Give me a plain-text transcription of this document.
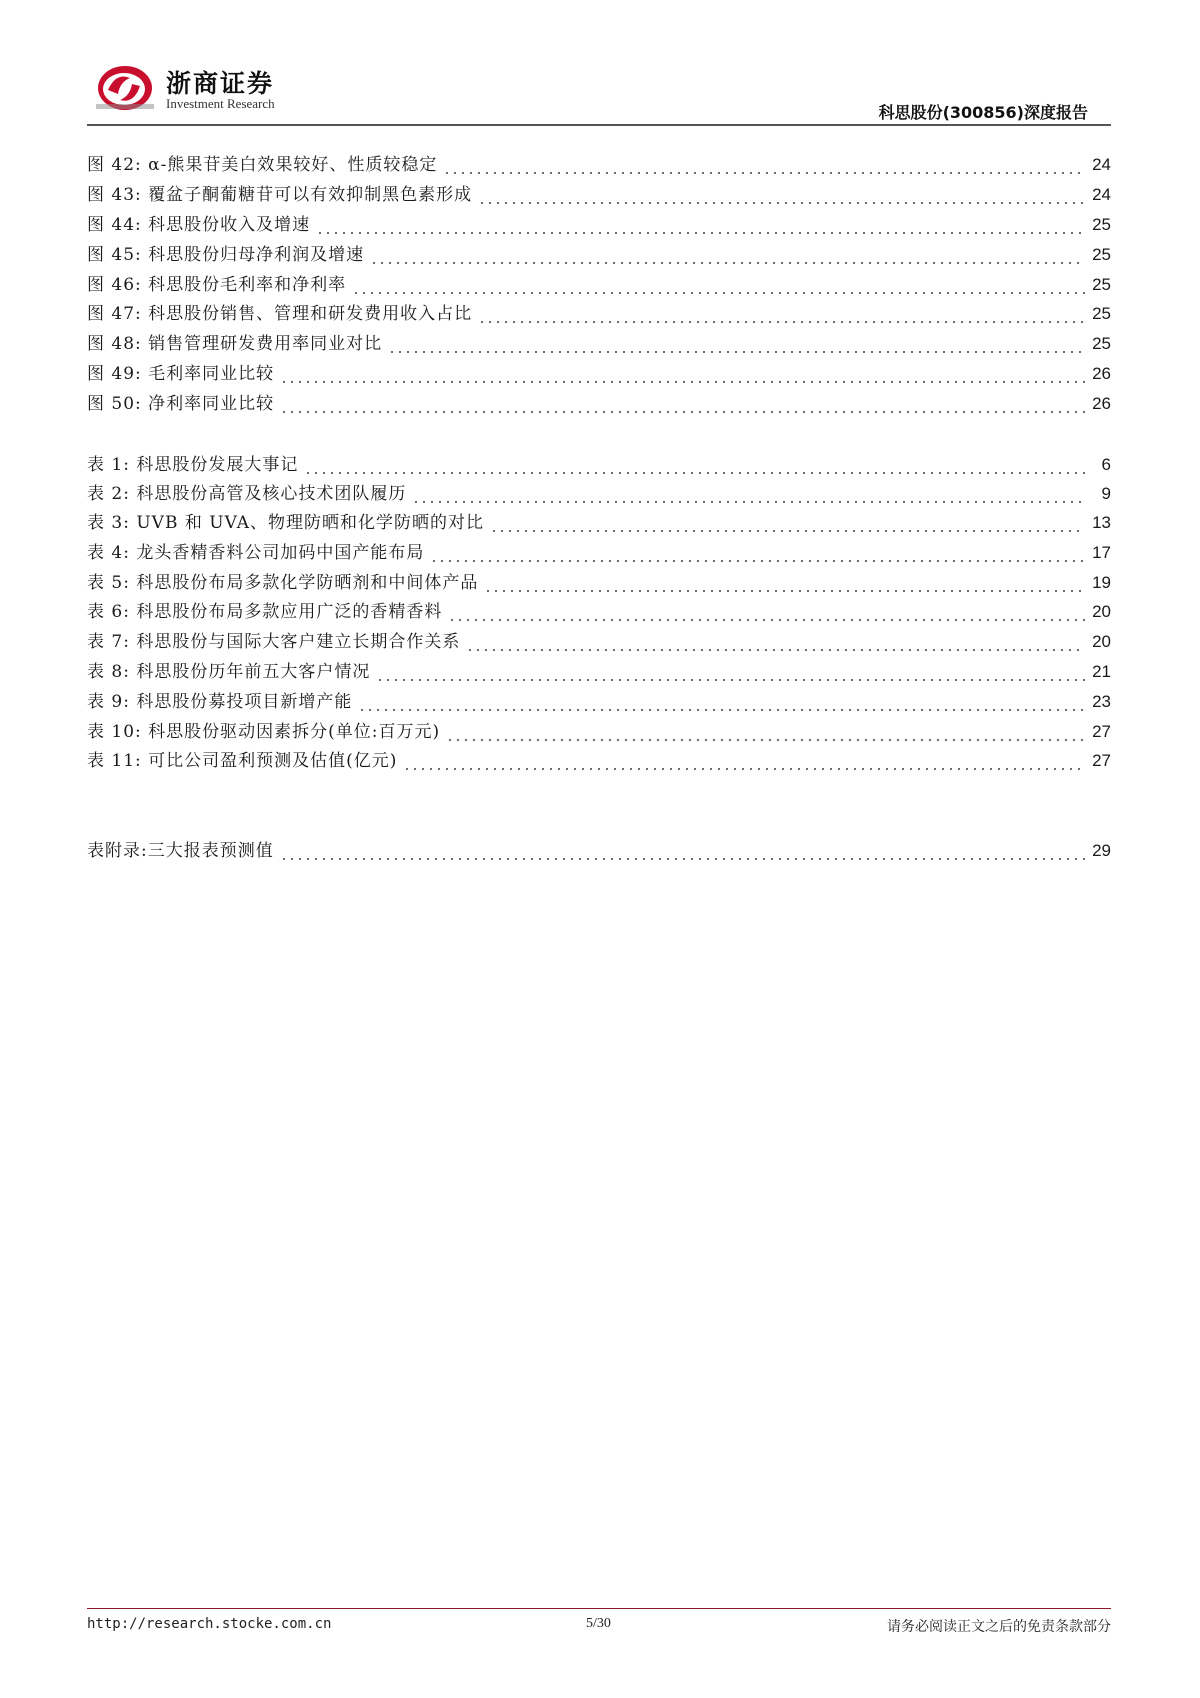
浙商证券
Investment Research	科思股份(300856)深度报告
图 42: α-熊果苷美白效果较好、性质较稳定	24
图 43: 覆盆子酮葡糖苷可以有效抑制黑色素形成	24
图 44: 科思股份收入及增速	25
图 45: 科思股份归母净利润及增速	25
图 46: 科思股份毛利率和净利率	25
图 47: 科思股份销售、管理和研发费用收入占比	25
图 48: 销售管理研发费用率同业对比	25
图 49: 毛利率同业比较	26
图 50: 净利率同业比较	26
表 1: 科思股份发展大事记	6
表 2: 科思股份高管及核心技术团队履历	9
表 3: UVB 和 UVA、物理防晒和化学防晒的对比	13
表 4: 龙头香精香料公司加码中国产能布局	17
表 5: 科思股份布局多款化学防晒剂和中间体产品	19
表 6: 科思股份布局多款应用广泛的香精香料	20
表 7: 科思股份与国际大客户建立长期合作关系	20
表 8: 科思股份历年前五大客户情况	21
表 9: 科思股份募投项目新增产能	23
表 10: 科思股份驱动因素拆分(单位:百万元)	27
表 11: 可比公司盈利预测及估值(亿元)	27
表附录:三大报表预测值	29
http://research.stocke.com.cn	5/30	请务必阅读正文之后的免责条款部分
